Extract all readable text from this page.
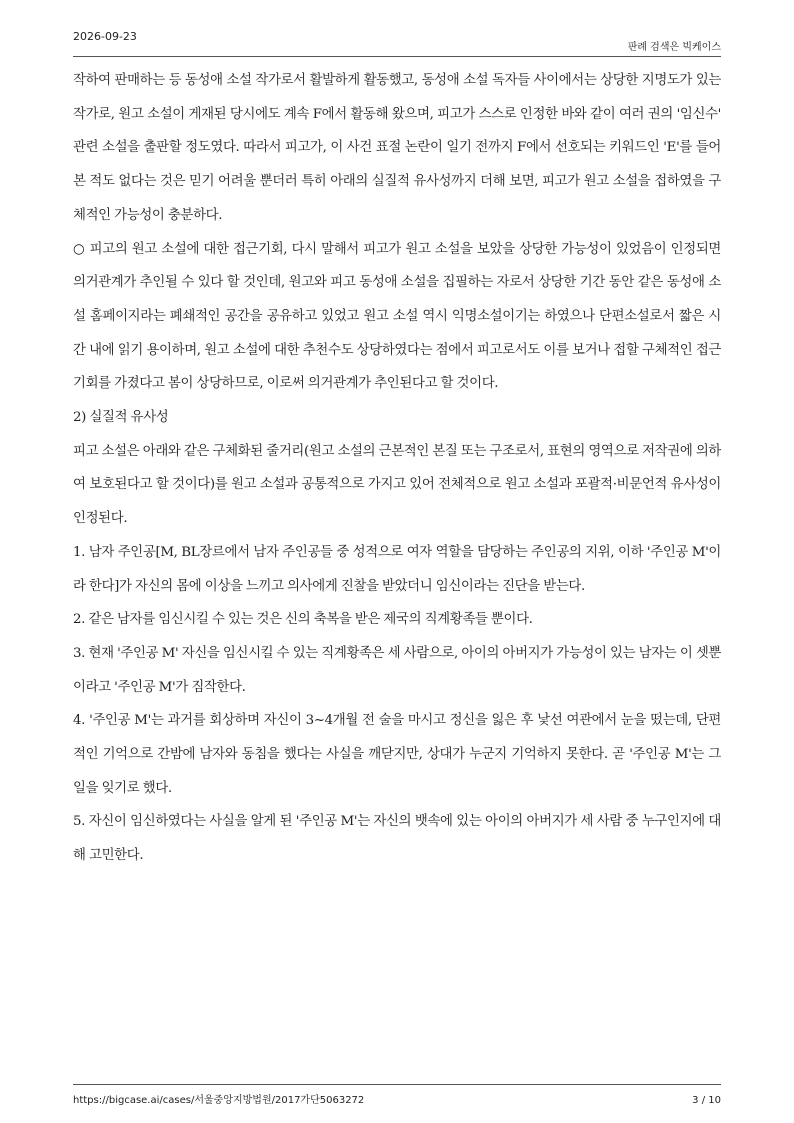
2026-09-23
판례 검색은 빅케이스

작하여 판매하는 등 동성애 소설 작가로서 활발하게 활동했고, 동성애 소설 독자들 사이에서는 상당한 지명도가 있는 작가로, 원고 소설이 게재된 당시에도 계속 F에서 활동해 왔으며, 피고가 스스로 인정한 바와 같이 여러 권의 '임신수' 관련 소설을 출판할 정도였다. 따라서 피고가, 이 사건 표절 논란이 일기 전까지 F에서 선호되는 키워드인 'E'를 들어본 적도 없다는 것은 믿기 어려울 뿐더러 특히 아래의 실질적 유사성까지 더해 보면, 피고가 원고 소설을 접하였을 구체적인 가능성이 충분하다.

○ 피고의 원고 소설에 대한 접근기회, 다시 말해서 피고가 원고 소설을 보았을 상당한 가능성이 있었음이 인정되면 의거관계가 추인될 수 있다 할 것인데, 원고와 피고 동성애 소설을 집필하는 자로서 상당한 기간 동안 같은 동성애 소설 홈페이지라는 폐쇄적인 공간을 공유하고 있었고 원고 소설 역시 익명소설이기는 하였으나 단편소설로서 짧은 시간 내에 읽기 용이하며, 원고 소설에 대한 추천수도 상당하였다는 점에서 피고로서도 이를 보거나 접할 구체적인 접근기회를 가졌다고 봄이 상당하므로, 이로써 의거관계가 추인된다고 할 것이다.

2) 실질적 유사성

피고 소설은 아래와 같은 구체화된 줄거리(원고 소설의 근본적인 본질 또는 구조로서, 표현의 영역으로 저작권에 의하여 보호된다고 할 것이다)를 원고 소설과 공통적으로 가지고 있어 전체적으로 원고 소설과 포괄적·비문언적 유사성이 인정된다.

1. 남자 주인공[M, BL장르에서 남자 주인공들 중 성적으로 여자 역할을 담당하는 주인공의 지위, 이하 '주인공 M'이라 한다]가 자신의 몸에 이상을 느끼고 의사에게 진찰을 받았더니 임신이라는 진단을 받는다.

2. 같은 남자를 임신시킬 수 있는 것은 신의 축복을 받은 제국의 직계황족들 뿐이다.

3. 현재 '주인공 M' 자신을 임신시킬 수 있는 직계황족은 세 사람으로, 아이의 아버지가 가능성이 있는 남자는 이 셋뿐이라고 '주인공 M'가 짐작한다.

4. '주인공 M'는 과거를 회상하며 자신이 3~4개월 전 술을 마시고 정신을 잃은 후 낯선 여관에서 눈을 떴는데, 단편적인 기억으로 간밤에 남자와 동침을 했다는 사실을 깨닫지만, 상대가 누군지 기억하지 못한다. 곧 '주인공 M'는 그 일을 잊기로 했다.

5. 자신이 임신하였다는 사실을 알게 된 '주인공 M'는 자신의 뱃속에 있는 아이의 아버지가 세 사람 중 누구인지에 대해 고민한다.

https://bigcase.ai/cases/서울중앙지방법원/2017가단5063272	3 / 10
